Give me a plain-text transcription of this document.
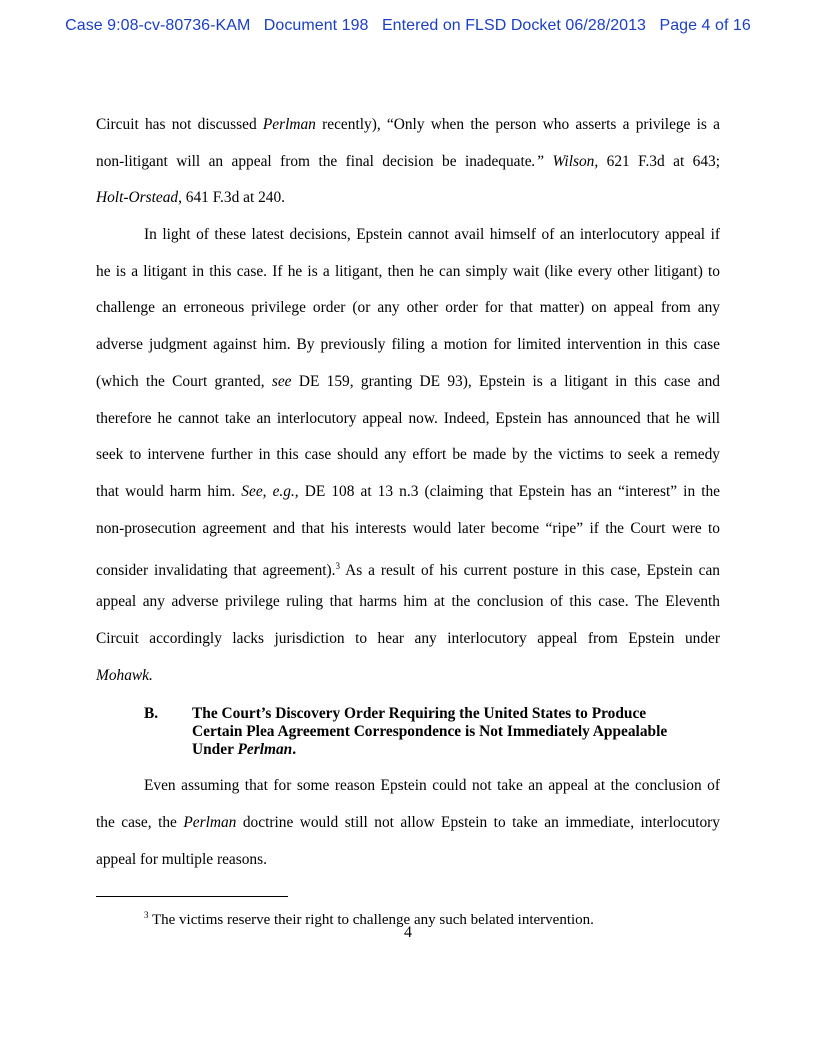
Case 9:08-cv-80736-KAM   Document 198   Entered on FLSD Docket 06/28/2013   Page 4 of 16
Circuit has not discussed Perlman recently), “Only when the person who asserts a privilege is a
non-litigant will an appeal from the final decision be inadequate.” Wilson, 621 F.3d at 643;
Holt-Orstead, 641 F.3d at 240.
In light of these latest decisions, Epstein cannot avail himself of an interlocutory appeal if
he is a litigant in this case. If he is a litigant, then he can simply wait (like every other litigant) to
challenge an erroneous privilege order (or any other order for that matter) on appeal from any
adverse judgment against him. By previously filing a motion for limited intervention in this case
(which the Court granted, see DE 159, granting DE 93), Epstein is a litigant in this case and
therefore he cannot take an interlocutory appeal now. Indeed, Epstein has announced that he will
seek to intervene further in this case should any effort be made by the victims to seek a remedy
that would harm him. See, e.g., DE 108 at 13 n.3 (claiming that Epstein has an “interest” in the
non-prosecution agreement and that his interests would later become “ripe” if the Court were to
consider invalidating that agreement).$^3$ As a result of his current posture in this case, Epstein can
appeal any adverse privilege ruling that harms him at the conclusion of this case. The Eleventh
Circuit accordingly lacks jurisdiction to hear any interlocutory appeal from Epstein under
Mohawk.
B. The Court’s Discovery Order Requiring the United States to Produce
Certain Plea Agreement Correspondence is Not Immediately Appealable
Under Perlman.
Even assuming that for some reason Epstein could not take an appeal at the conclusion of
the case, the Perlman doctrine would still not allow Epstein to take an immediate, interlocutory
appeal for multiple reasons.
$^3$ The victims reserve their right to challenge any such belated intervention.
4
